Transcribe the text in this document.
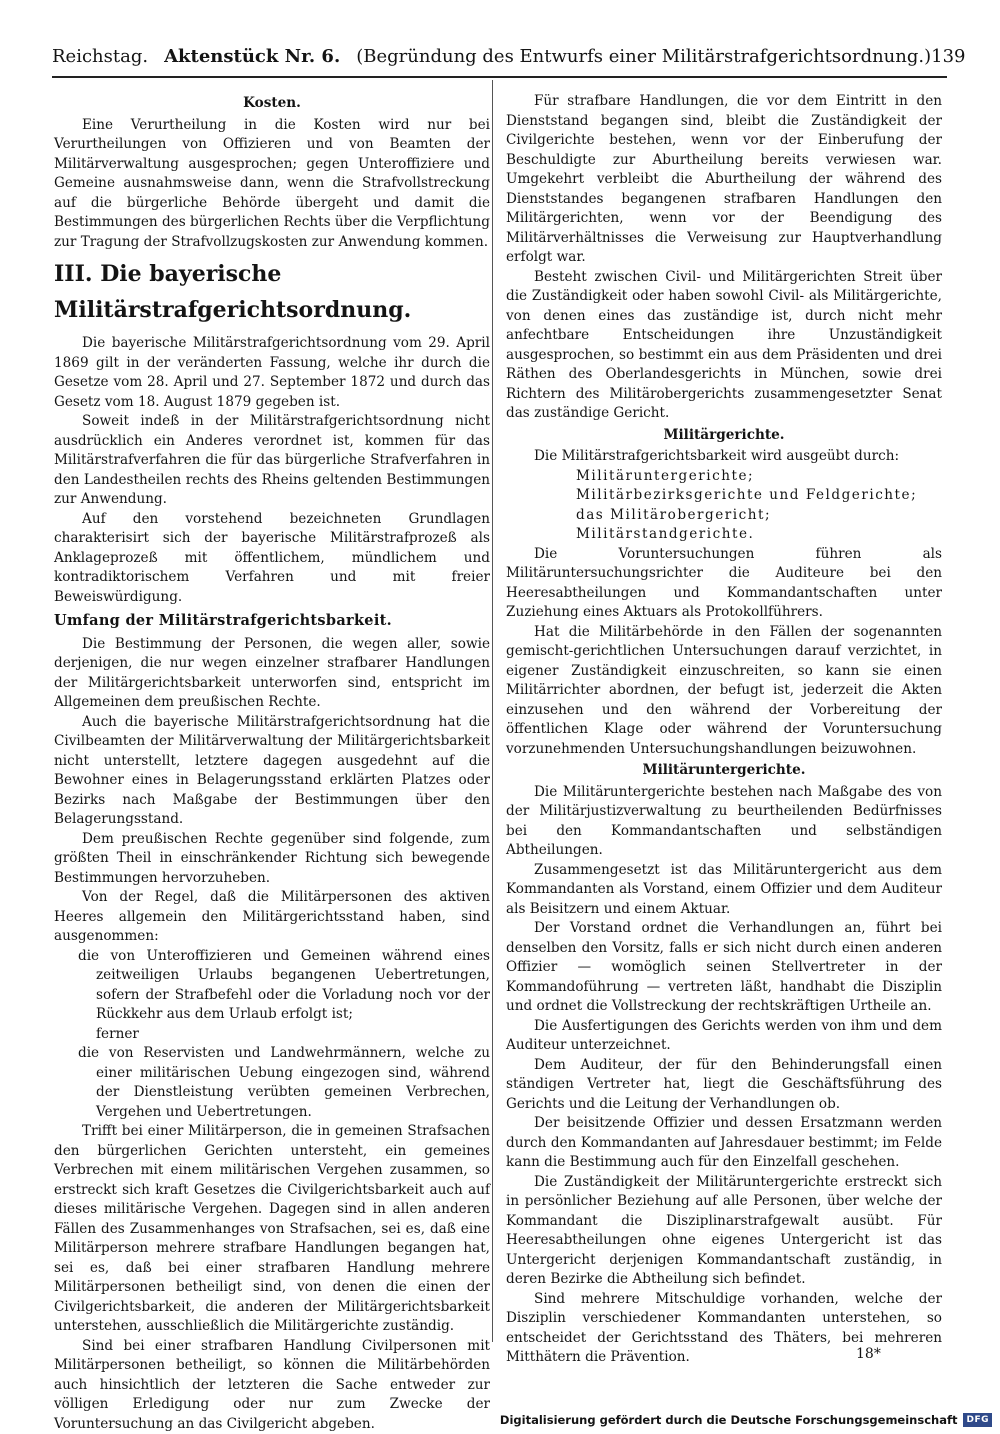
Reichstag. Aktenstück Nr. 6. (Begründung des Entwurfs einer Militärstrafgerichtsordnung.) 139

Kosten.

Eine Verurtheilung in die Kosten wird nur bei Verurtheilungen von Offizieren und von Beamten der Militärverwaltung ausgesprochen; gegen Unteroffiziere und Gemeine ausnahmsweise dann, wenn die Strafvollstreckung auf die bürgerliche Behörde übergeht und damit die Bestimmungen des bürgerlichen Rechts über die Verpflichtung zur Tragung der Strafvollzugskosten zur Anwendung kommen.

III. Die bayerische Militärstrafgerichtsordnung.

Die bayerische Militärstrafgerichtsordnung vom 29. April 1869 gilt in der veränderten Fassung, welche ihr durch die Gesetze vom 28. April und 27. September 1872 und durch das Gesetz vom 18. August 1879 gegeben ist.

Soweit indeß in der Militärstrafgerichtsordnung nicht ausdrücklich ein Anderes verordnet ist, kommen für das Militärstrafverfahren die für das bürgerliche Strafverfahren in den Landestheilen rechts des Rheins geltenden Bestimmungen zur Anwendung.

Auf den vorstehend bezeichneten Grundlagen charakterisirt sich der bayerische Militärstrafprozeß als Anklageprozeß mit öffentlichem, mündlichem und kontradiktorischem Verfahren und mit freier Beweiswürdigung.

Umfang der Militärstrafgerichtsbarkeit.

Die Bestimmung der Personen, die wegen aller, sowie derjenigen, die nur wegen einzelner strafbarer Handlungen der Militärgerichtsbarkeit unterworfen sind, entspricht im Allgemeinen dem preußischen Rechte.

Auch die bayerische Militärstrafgerichtsordnung hat die Civilbeamten der Militärverwaltung der Militärgerichtsbarkeit nicht unterstellt, letztere dagegen ausgedehnt auf die Bewohner eines in Belagerungsstand erklärten Platzes oder Bezirks nach Maßgabe der Bestimmungen über den Belagerungsstand.

Dem preußischen Rechte gegenüber sind folgende, zum größten Theil in einschränkender Richtung sich bewegende Bestimmungen hervorzuheben.

Von der Regel, daß die Militärpersonen des aktiven Heeres allgemein den Militärgerichtsstand haben, sind ausgenommen:

die von Unteroffizieren und Gemeinen während eines zeitweiligen Urlaubs begangenen Uebertretungen, sofern der Strafbefehl oder die Vorladung noch vor der Rückkehr aus dem Urlaub erfolgt ist;

ferner

die von Reservisten und Landwehrmännern, welche zu einer militärischen Uebung eingezogen sind, während der Dienstleistung verübten gemeinen Verbrechen, Vergehen und Uebertretungen.

Trifft bei einer Militärperson, die in gemeinen Strafsachen den bürgerlichen Gerichten untersteht, ein gemeines Verbrechen mit einem militärischen Vergehen zusammen, so erstreckt sich kraft Gesetzes die Civilgerichtsbarkeit auch auf dieses militärische Vergehen. Dagegen sind in allen anderen Fällen des Zusammenhanges von Strafsachen, sei es, daß eine Militärperson mehrere strafbare Handlungen begangen hat, sei es, daß bei einer strafbaren Handlung mehrere Militärpersonen betheiligt sind, von denen die einen der Civilgerichtsbarkeit, die anderen der Militärgerichtsbarkeit unterstehen, ausschließlich die Militärgerichte zuständig.

Sind bei einer strafbaren Handlung Civilpersonen mit Militärpersonen betheiligt, so können die Militärbehörden auch hinsichtlich der letzteren die Sache entweder zur völligen Erledigung oder nur zum Zwecke der Voruntersuchung an das Civilgericht abgeben.

Für strafbare Handlungen, die vor dem Eintritt in den Dienststand begangen sind, bleibt die Zuständigkeit der Civilgerichte bestehen, wenn vor der Einberufung der Beschuldigte zur Aburtheilung bereits verwiesen war. Umgekehrt verbleibt die Aburtheilung der während des Dienststandes begangenen strafbaren Handlungen den Militärgerichten, wenn vor der Beendigung des Militärverhältnisses die Verweisung zur Hauptverhandlung erfolgt war.

Besteht zwischen Civil- und Militärgerichten Streit über die Zuständigkeit oder haben sowohl Civil- als Militärgerichte, von denen eines das zuständige ist, durch nicht mehr anfechtbare Entscheidungen ihre Unzuständigkeit ausgesprochen, so bestimmt ein aus dem Präsidenten und drei Räthen des Oberlandesgerichts in München, sowie drei Richtern des Militärobergerichts zusammengesetzter Senat das zuständige Gericht.

Militärgerichte.

Die Militärstrafgerichtsbarkeit wird ausgeübt durch:

Militäruntergerichte;

Militärbezirksgerichte und Feldgerichte;

das Militärobergericht;

Militärstandgerichte.

Die Voruntersuchungen führen als Militäruntersuchungsrichter die Auditeure bei den Heeresabtheilungen und Kommandantschaften unter Zuziehung eines Aktuars als Protokollführers.

Hat die Militärbehörde in den Fällen der sogenannten gemischt-gerichtlichen Untersuchungen darauf verzichtet, in eigener Zuständigkeit einzuschreiten, so kann sie einen Militärrichter abordnen, der befugt ist, jederzeit die Akten einzusehen und den während der Vorbereitung der öffentlichen Klage oder während der Voruntersuchung vorzunehmenden Untersuchungshandlungen beizuwohnen.

Militäruntergerichte.

Die Militäruntergerichte bestehen nach Maßgabe des von der Militärjustizverwaltung zu beurtheilenden Bedürfnisses bei den Kommandantschaften und selbständigen Abtheilungen.

Zusammengesetzt ist das Militäruntergericht aus dem Kommandanten als Vorstand, einem Offizier und dem Auditeur als Beisitzern und einem Aktuar.

Der Vorstand ordnet die Verhandlungen an, führt bei denselben den Vorsitz, falls er sich nicht durch einen anderen Offizier — womöglich seinen Stellvertreter in der Kommandoführung — vertreten läßt, handhabt die Disziplin und ordnet die Vollstreckung der rechtskräftigen Urtheile an.

Die Ausfertigungen des Gerichts werden von ihm und dem Auditeur unterzeichnet.

Dem Auditeur, der für den Behinderungsfall einen ständigen Vertreter hat, liegt die Geschäftsführung des Gerichts und die Leitung der Verhandlungen ob.

Der beisitzende Offizier und dessen Ersatzmann werden durch den Kommandanten auf Jahresdauer bestimmt; im Felde kann die Bestimmung auch für den Einzelfall geschehen.

Die Zuständigkeit der Militäruntergerichte erstreckt sich in persönlicher Beziehung auf alle Personen, über welche der Kommandant die Disziplinarstrafgewalt ausübt. Für Heeresabtheilungen ohne eigenes Untergericht ist das Untergericht derjenigen Kommandantschaft zuständig, in deren Bezirke die Abtheilung sich befindet.

Sind mehrere Mitschuldige vorhanden, welche der Disziplin verschiedener Kommandanten unterstehen, so entscheidet der Gerichtsstand des Thäters, bei mehreren Mitthätern die Prävention.	18*
Digitalisierung gefördert durch die Deutsche Forschungsgemeinschaft	DFG
